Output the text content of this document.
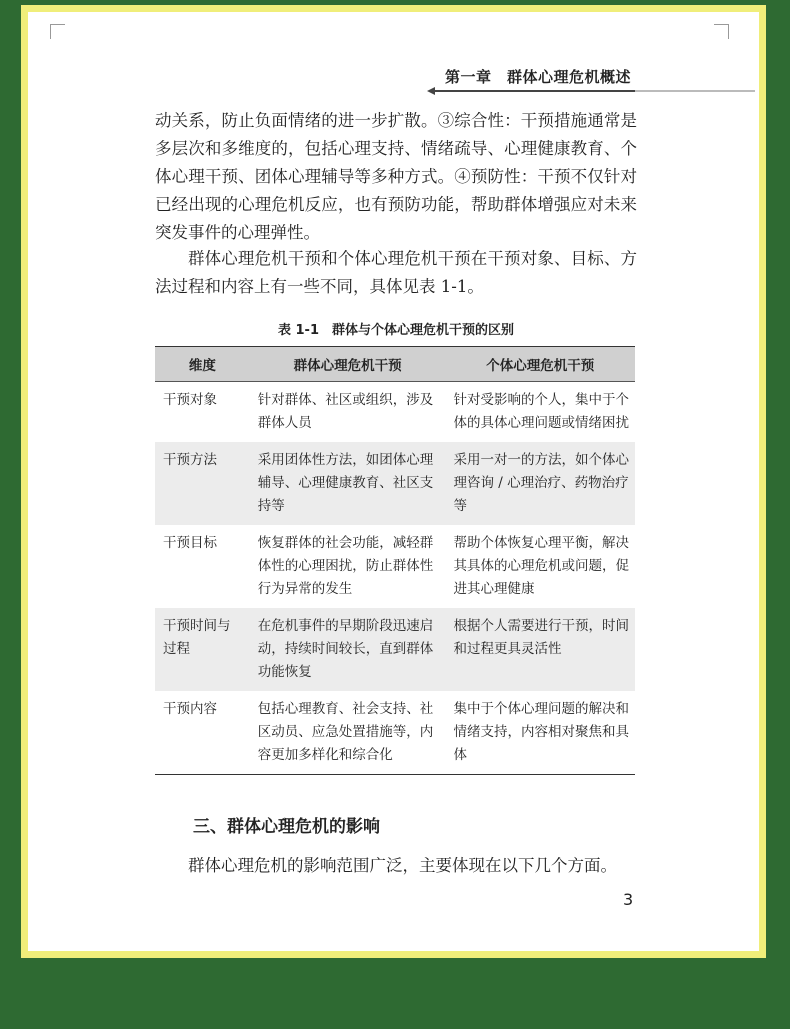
第一章　群体心理危机概述

动关系，防止负面情绪的进一步扩散。③综合性：干预措施通常是多层次和多维度的，包括心理支持、情绪疏导、心理健康教育、个体心理干预、团体心理辅导等多种方式。④预防性：干预不仅针对已经出现的心理危机反应，也有预防功能，帮助群体增强应对未来突发事件的心理弹性。

群体心理危机干预和个体心理危机干预在干预对象、目标、方法过程和内容上有一些不同，具体见表 1-1。

表 1-1　群体与个体心理危机干预的区别
维度	群体心理危机干预	个体心理危机干预
干预对象	针对群体、社区或组织，涉及群体人员	针对受影响的个人，集中于个体的具体心理问题或情绪困扰
干预方法	采用团体性方法，如团体心理辅导、心理健康教育、社区支持等	采用一对一的方法，如个体心理咨询 / 心理治疗、药物治疗等
干预目标	恢复群体的社会功能，减轻群体性的心理困扰，防止群体性行为异常的发生	帮助个体恢复心理平衡，解决其具体的心理危机或问题，促进其心理健康
干预时间与过程	在危机事件的早期阶段迅速启动，持续时间较长，直到群体功能恢复	根据个人需要进行干预，时间和过程更具灵活性
干预内容	包括心理教育、社会支持、社区动员、应急处置措施等，内容更加多样化和综合化	集中于个体心理问题的解决和情绪支持，内容相对聚焦和具体
三、群体心理危机的影响

群体心理危机的影响范围广泛，主要体现在以下几个方面。

3
